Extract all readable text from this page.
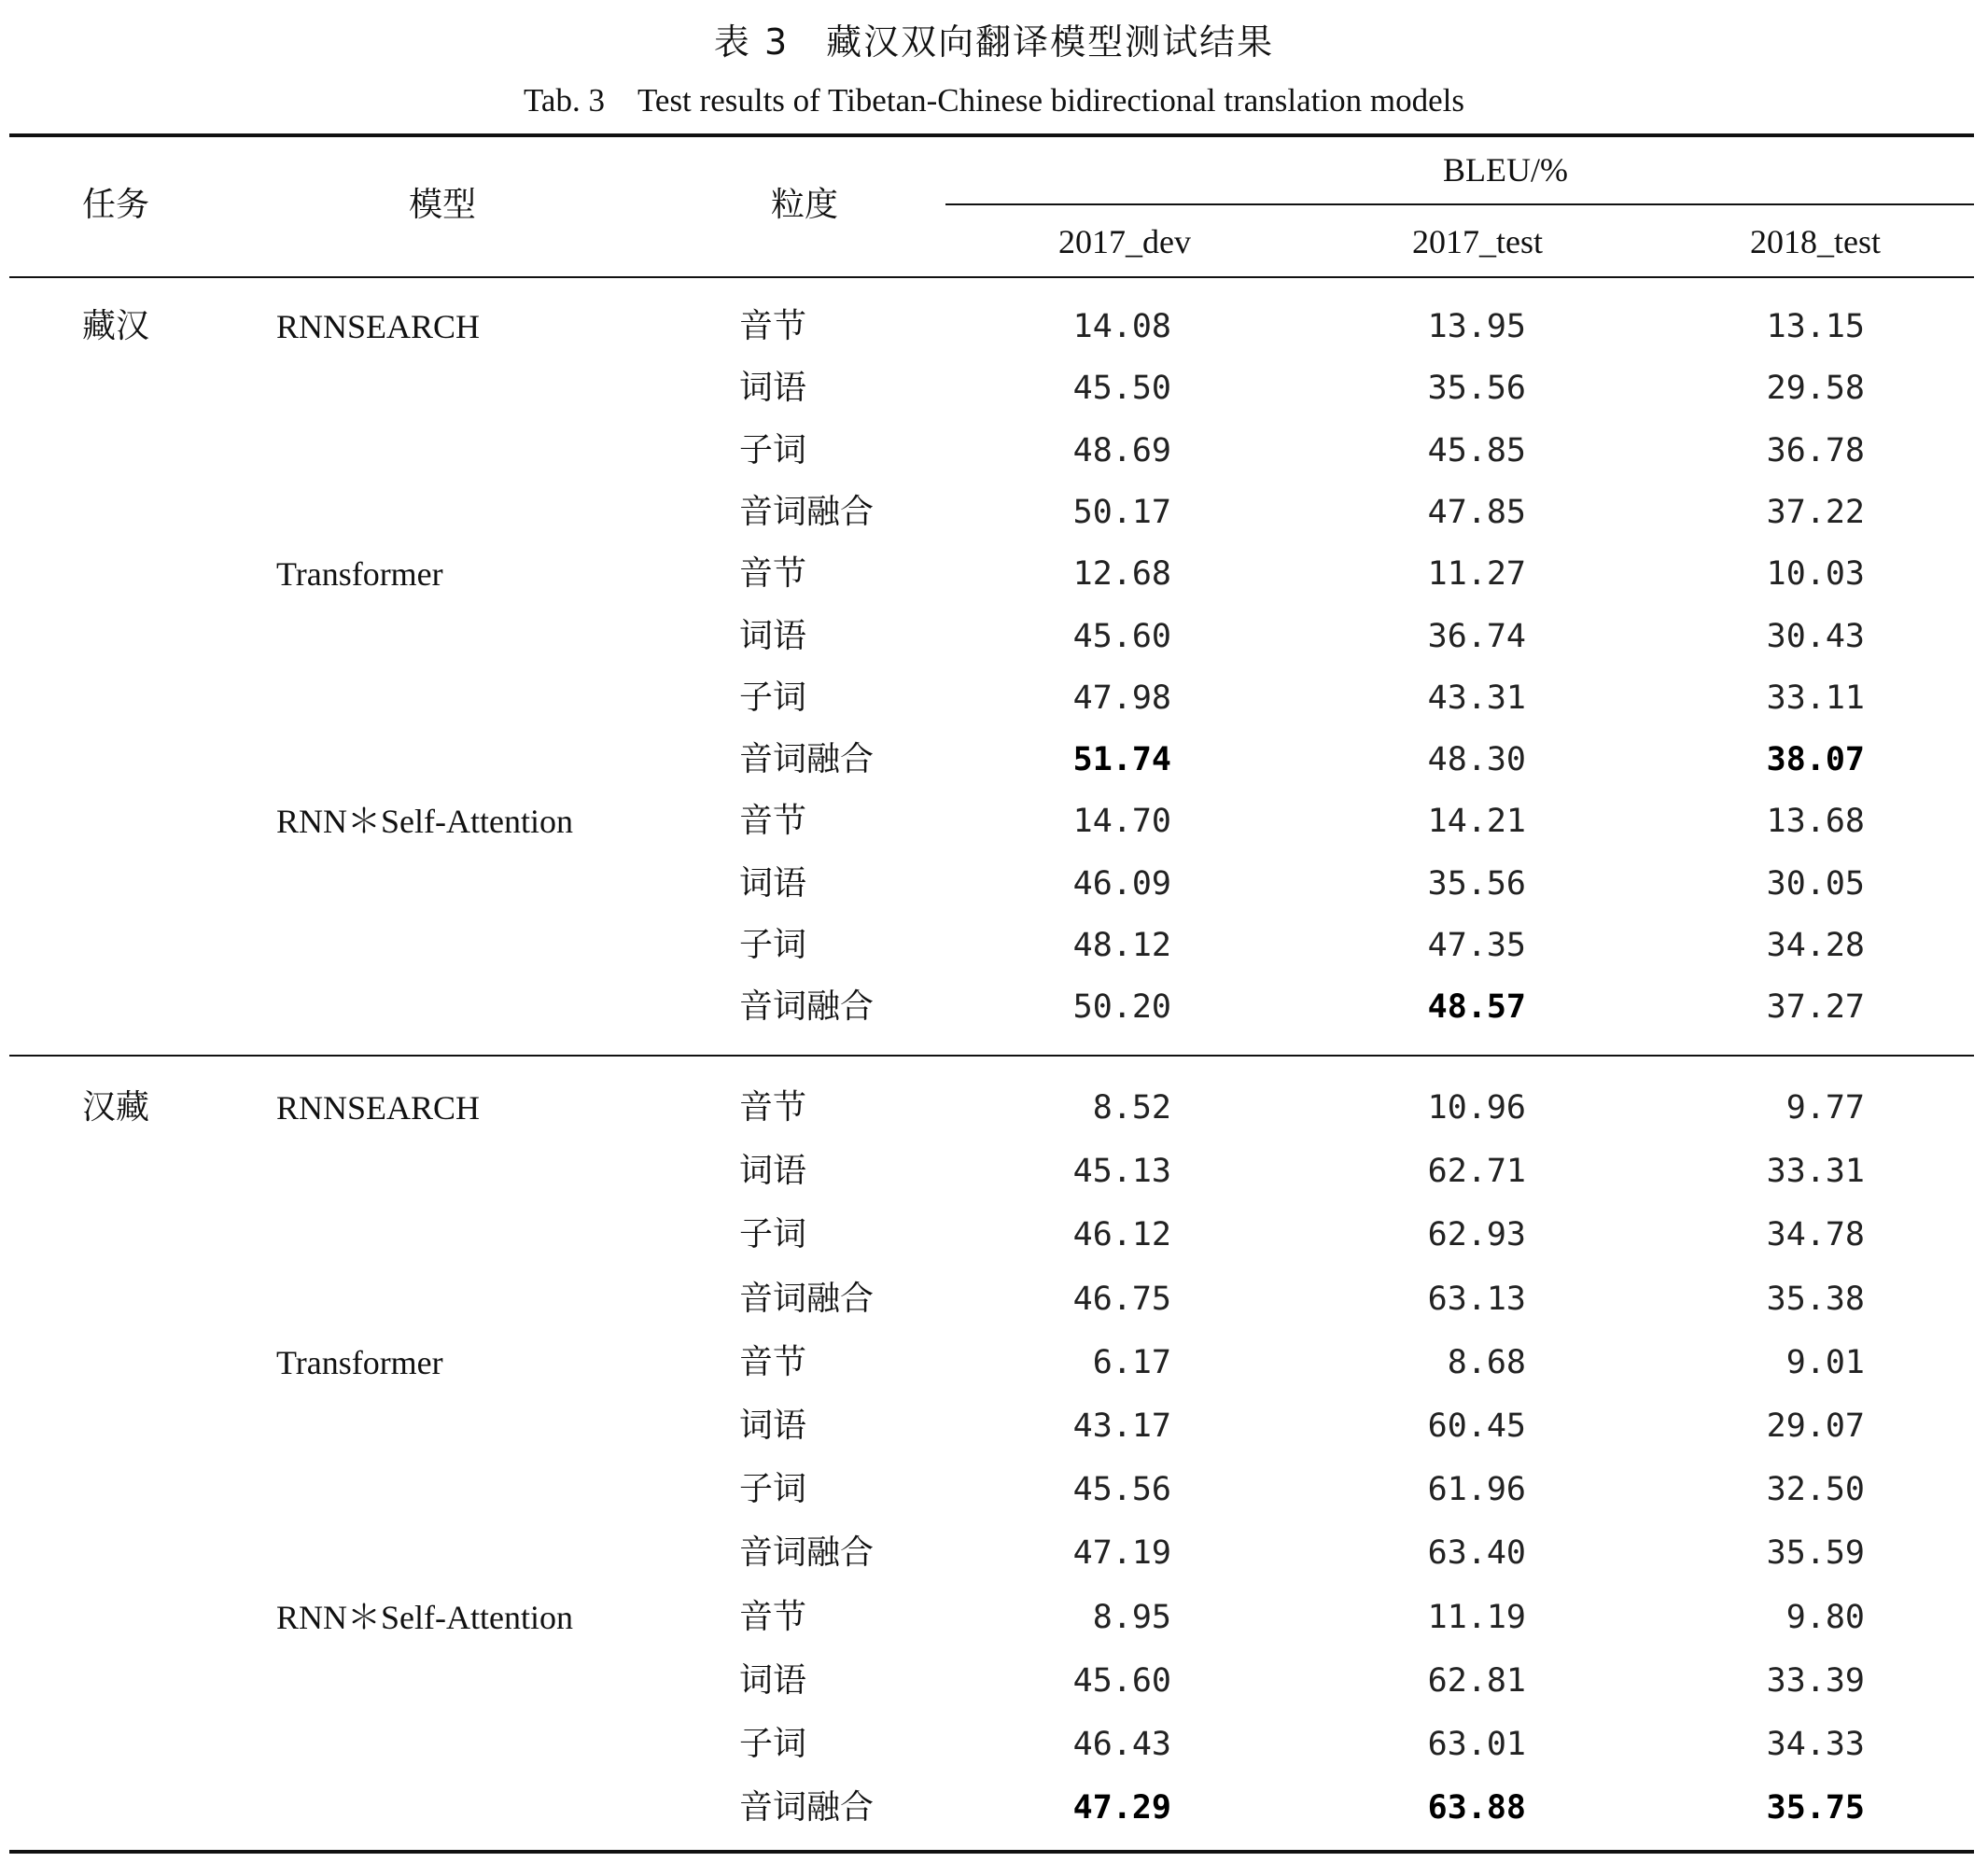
表 3　藏汉双向翻译模型测试结果
Tab. 3　Test results of Tibetan-Chinese bidirectional translation models
任务	模型	粒度
BLEU/%
2017_dev	2017_test	2018_test
藏汉	RNNSEARCH	音节	14.08	13.95	13.15
词语	45.50	35.56	29.58
子词	48.69	45.85	36.78
音词融合	50.17	47.85	37.22
Transformer	音节	12.68	11.27	10.03
词语	45.60	36.74	30.43
子词	47.98	43.31	33.11
音词融合	51.74	48.30	38.07
RNN＊Self-Attention	音节	14.70	14.21	13.68
词语	46.09	35.56	30.05
子词	48.12	47.35	34.28
音词融合	50.20	48.57	37.27
汉藏	RNNSEARCH	音节	8.52	10.96	9.77
词语	45.13	62.71	33.31
子词	46.12	62.93	34.78
音词融合	46.75	63.13	35.38
Transformer	音节	6.17	8.68	9.01
词语	43.17	60.45	29.07
子词	45.56	61.96	32.50
音词融合	47.19	63.40	35.59
RNN＊Self-Attention	音节	8.95	11.19	9.80
词语	45.60	62.81	33.39
子词	46.43	63.01	34.33
音词融合	47.29	63.88	35.75
